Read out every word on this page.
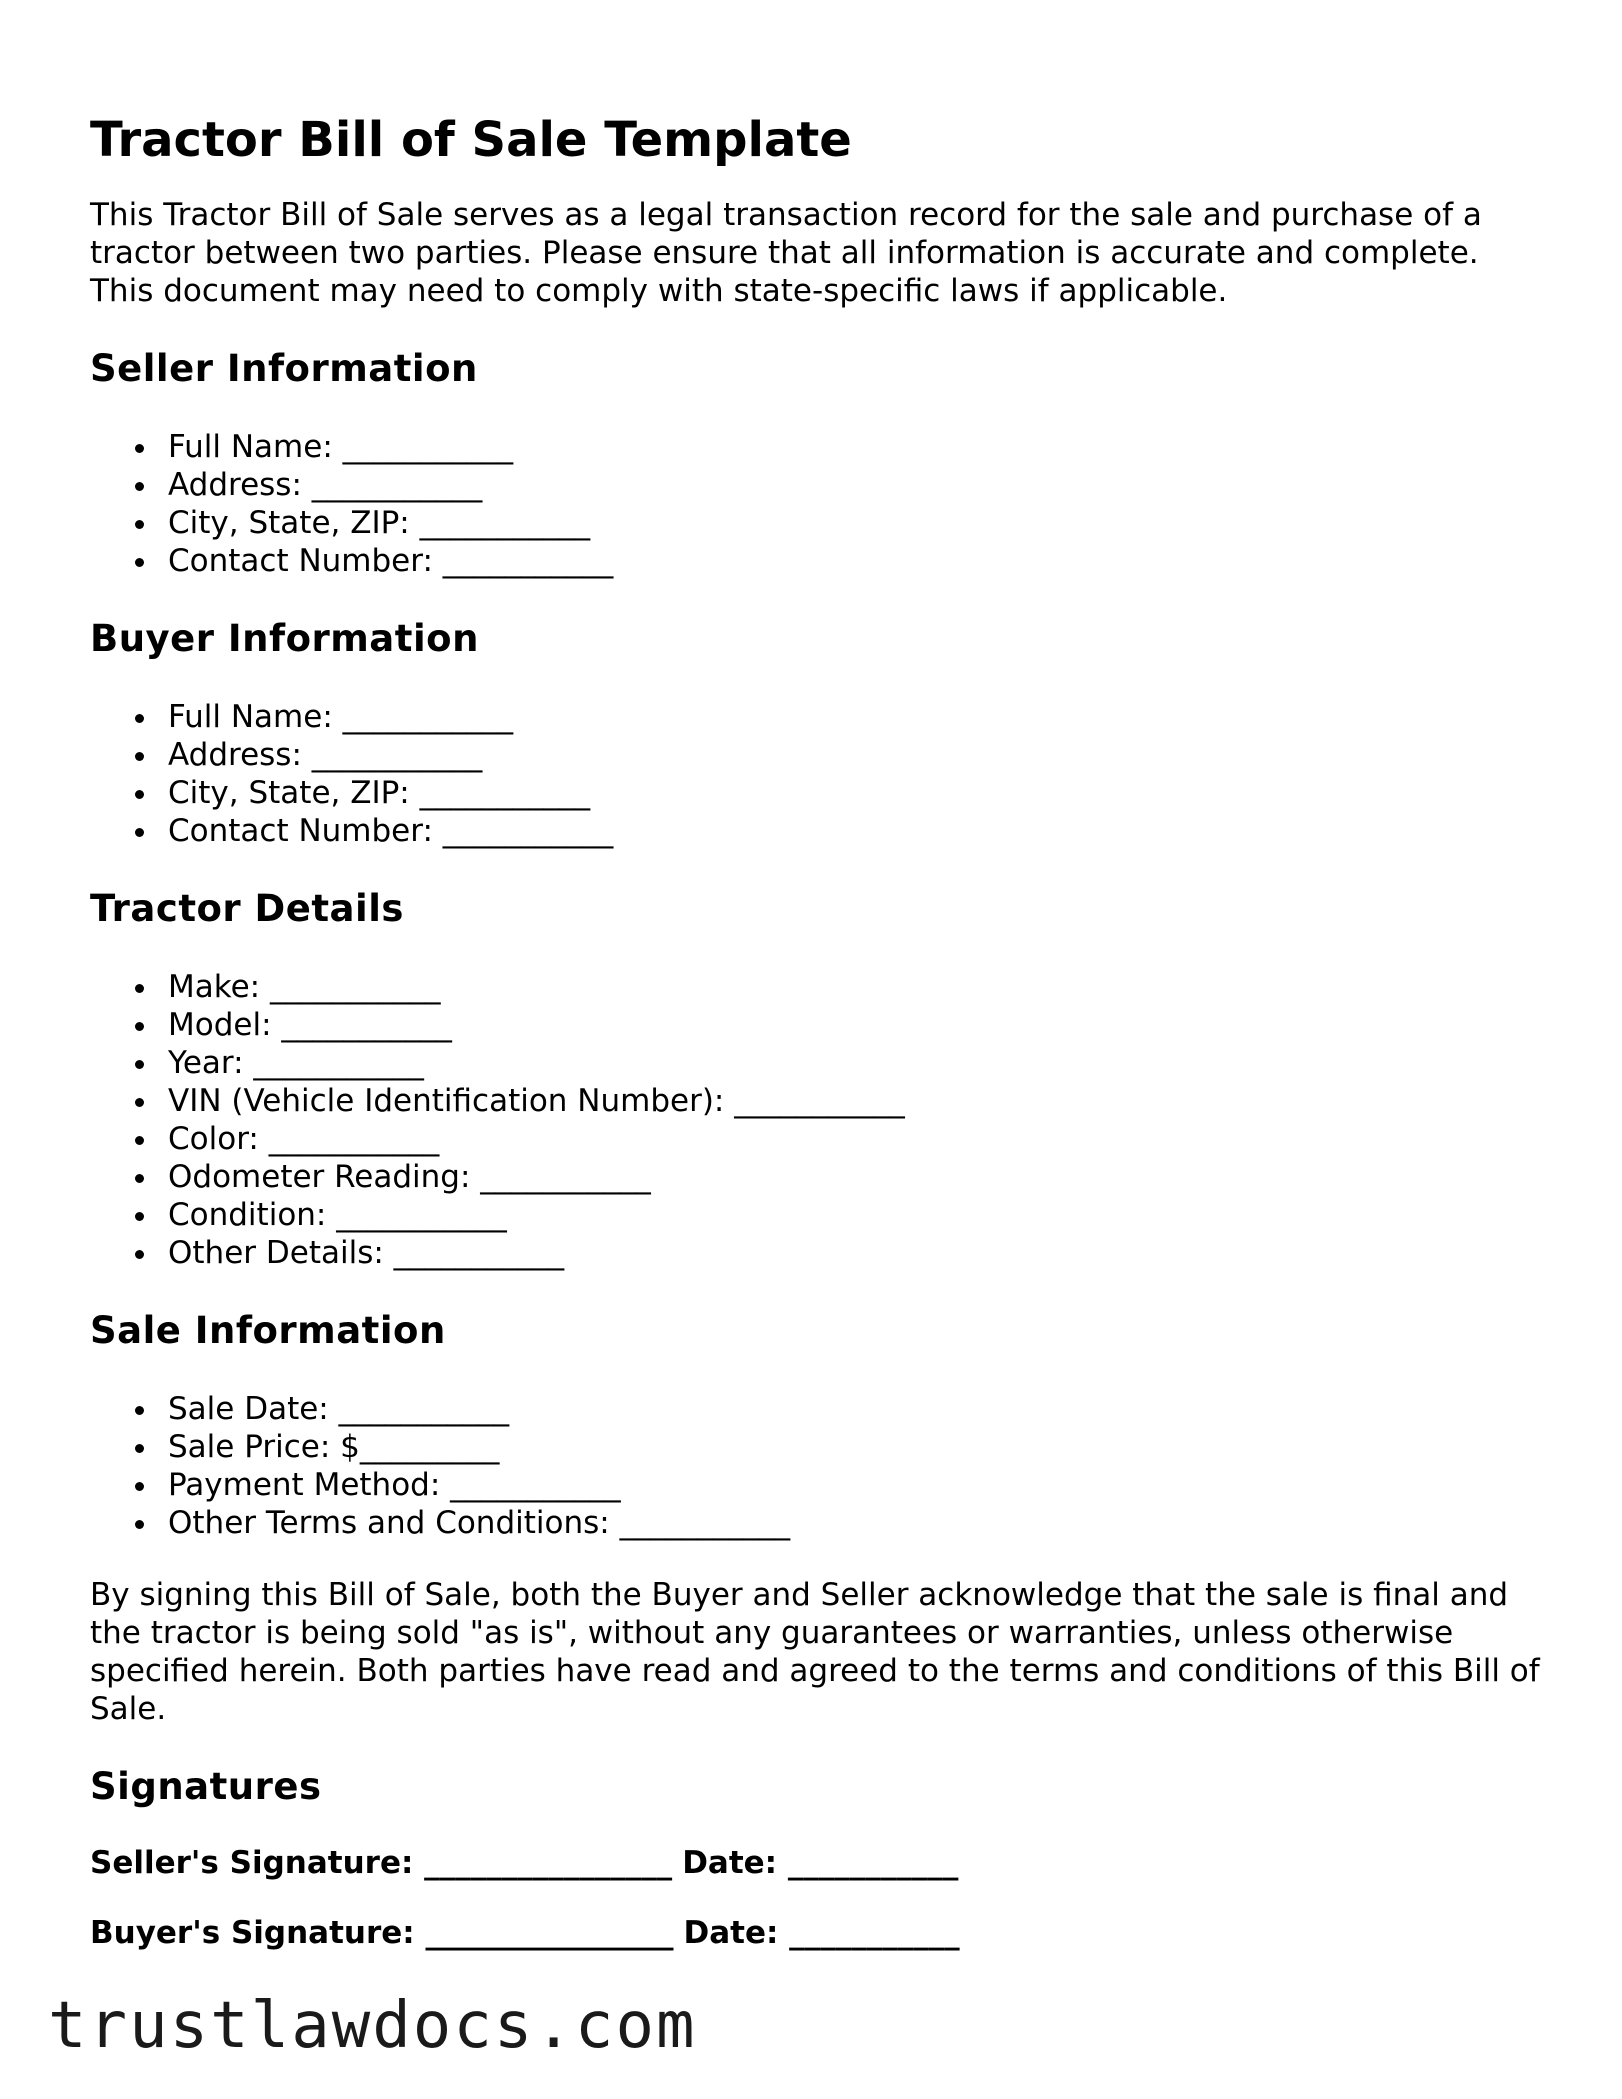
Tractor Bill of Sale Template

This Tractor Bill of Sale serves as a legal transaction record for the sale and purchase of a tractor between two parties. Please ensure that all information is accurate and complete. This document may need to comply with state-specific laws if applicable.

Seller Information
Full Name: ___________
Address: ___________
City, State, ZIP: ___________
Contact Number: ___________
Buyer Information
Full Name: ___________
Address: ___________
City, State, ZIP: ___________
Contact Number: ___________
Tractor Details
Make: ___________
Model: ___________
Year: ___________
VIN (Vehicle Identification Number): ___________
Color: ___________
Odometer Reading: ___________
Condition: ___________
Other Details: ___________
Sale Information
Sale Date: ___________
Sale Price: $_________
Payment Method: ___________
Other Terms and Conditions: ___________

By signing this Bill of Sale, both the Buyer and Seller acknowledge that the sale is final and the tractor is being sold "as is", without any guarantees or warranties, unless otherwise specified herein. Both parties have read and agreed to the terms and conditions of this Bill of Sale.

Signatures
Seller's Signature: ________________ Date: ___________
Buyer's Signature: ________________ Date: ___________
trustlawdocs.com
